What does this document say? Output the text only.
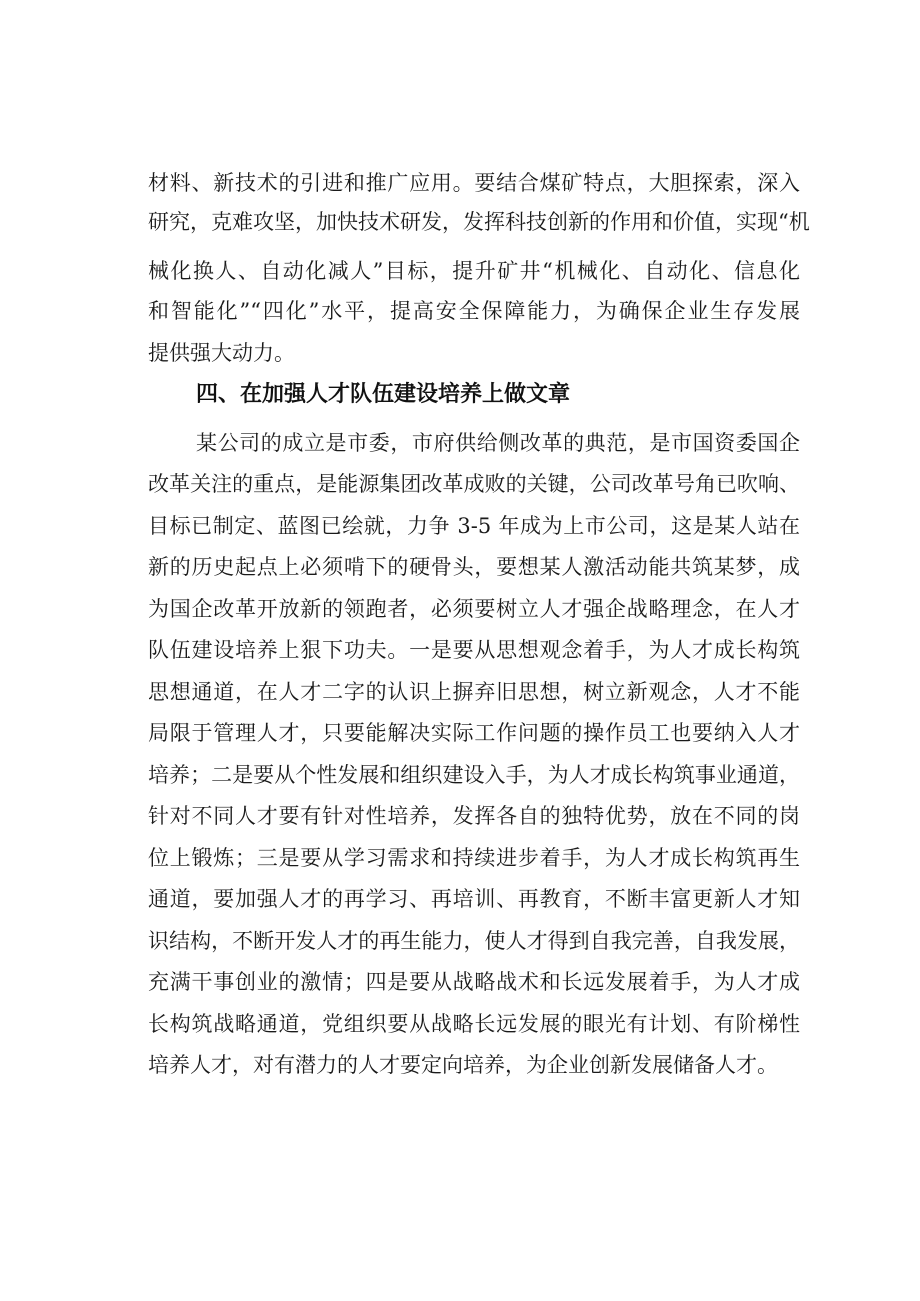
材料、新技术的引进和推广应用。要结合煤矿特点，大胆探索，深入
研究，克难攻坚，加快技术研发，发挥科技创新的作用和价值，实现“机
械化换人、自动化减人”目标，提升矿井“机械化、自动化、信息化
和智能化”“四化”水平，提高安全保障能力，为确保企业生存发展
提供强大动力。
四、在加强人才队伍建设培养上做文章
某公司的成立是市委，市府供给侧改革的典范，是市国资委国企
改革关注的重点，是能源集团改革成败的关键，公司改革号角已吹响、
目标已制定、蓝图已绘就，力争 3-5 年成为上市公司，这是某人站在
新的历史起点上必须啃下的硬骨头，要想某人激活动能共筑某梦，成
为国企改革开放新的领跑者，必须要树立人才强企战略理念，在人才
队伍建设培养上狠下功夫。一是要从思想观念着手，为人才成长构筑
思想通道，在人才二字的认识上摒弃旧思想，树立新观念，人才不能
局限于管理人才，只要能解决实际工作问题的操作员工也要纳入人才
培养；二是要从个性发展和组织建设入手，为人才成长构筑事业通道，
针对不同人才要有针对性培养，发挥各自的独特优势，放在不同的岗
位上锻炼；三是要从学习需求和持续进步着手，为人才成长构筑再生
通道，要加强人才的再学习、再培训、再教育，不断丰富更新人才知
识结构，不断开发人才的再生能力，使人才得到自我完善，自我发展，
充满干事创业的激情；四是要从战略战术和长远发展着手，为人才成
长构筑战略通道，党组织要从战略长远发展的眼光有计划、有阶梯性
培养人才，对有潜力的人才要定向培养，为企业创新发展储备人才。
